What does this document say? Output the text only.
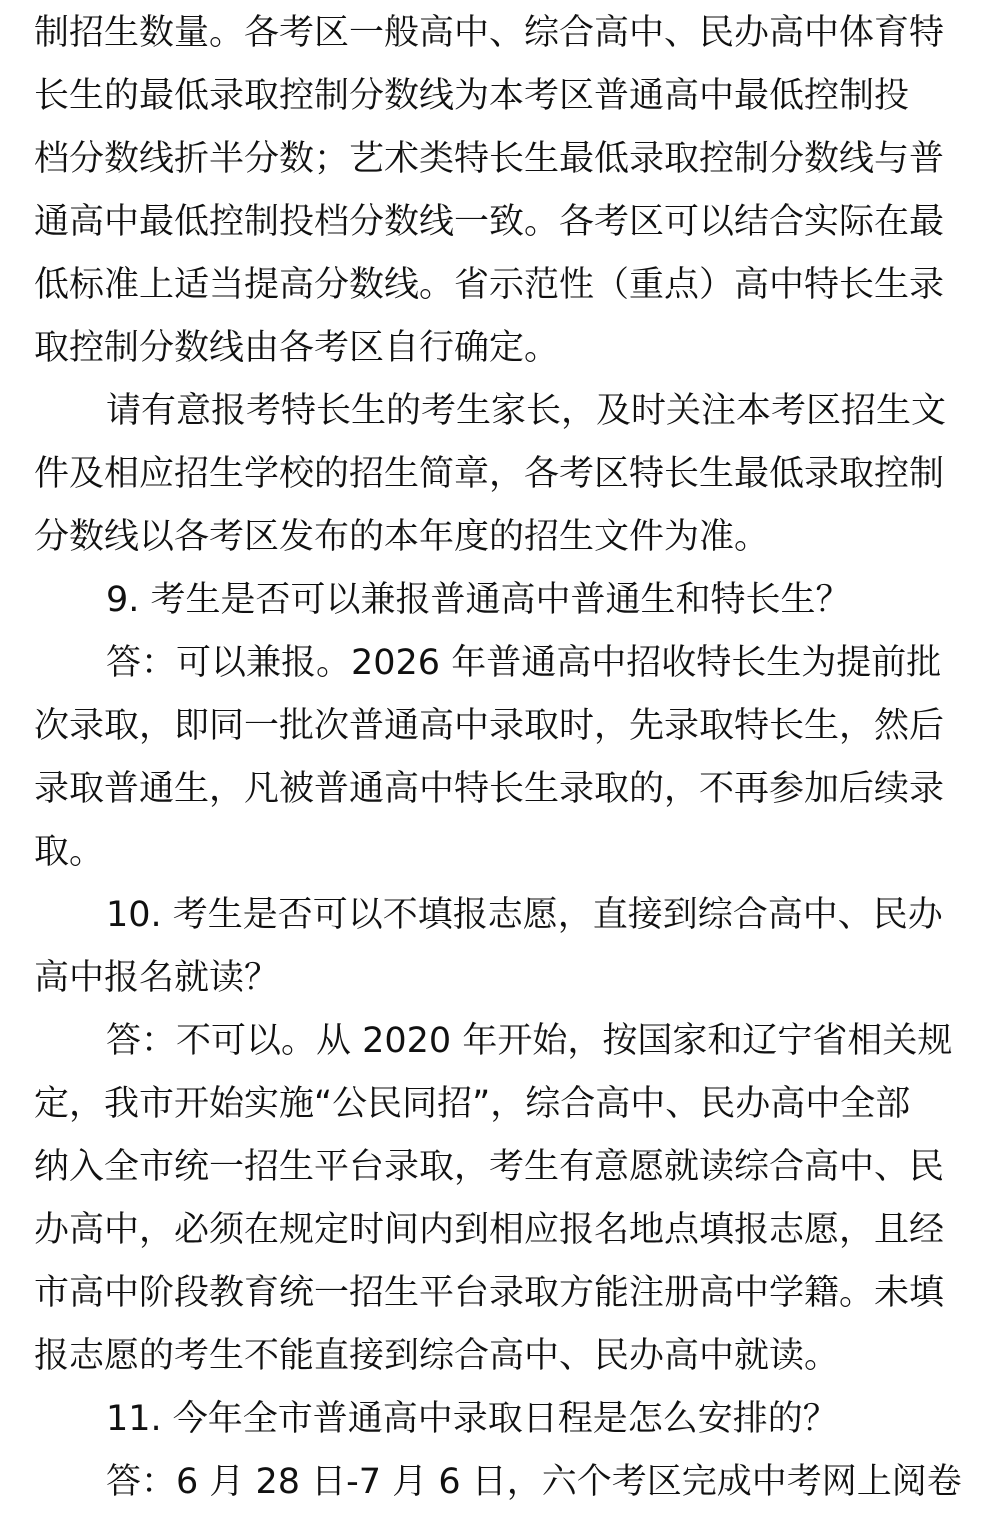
制招生数量。各考区一般高中、综合高中、民办高中体育特
长生的最低录取控制分数线为本考区普通高中最低控制投
档分数线折半分数；艺术类特长生最低录取控制分数线与普
通高中最低控制投档分数线一致。各考区可以结合实际在最
低标准上适当提高分数线。省示范性（重点）高中特长生录
取控制分数线由各考区自行确定。
请有意报考特长生的考生家长，及时关注本考区招生文
件及相应招生学校的招生简章，各考区特长生最低录取控制
分数线以各考区发布的本年度的招生文件为准。
9. 考生是否可以兼报普通高中普通生和特长生？
答：可以兼报。2026 年普通高中招收特长生为提前批
次录取，即同一批次普通高中录取时，先录取特长生，然后
录取普通生，凡被普通高中特长生录取的，不再参加后续录
取。
10. 考生是否可以不填报志愿，直接到综合高中、民办
高中报名就读？
答：不可以。从 2020 年开始，按国家和辽宁省相关规
定，我市开始实施“公民同招”，综合高中、民办高中全部
纳入全市统一招生平台录取，考生有意愿就读综合高中、民
办高中，必须在规定时间内到相应报名地点填报志愿，且经
市高中阶段教育统一招生平台录取方能注册高中学籍。未填
报志愿的考生不能直接到综合高中、民办高中就读。
11. 今年全市普通高中录取日程是怎么安排的？
答：6 月 28 日-7 月 6 日，六个考区完成中考网上阅卷
